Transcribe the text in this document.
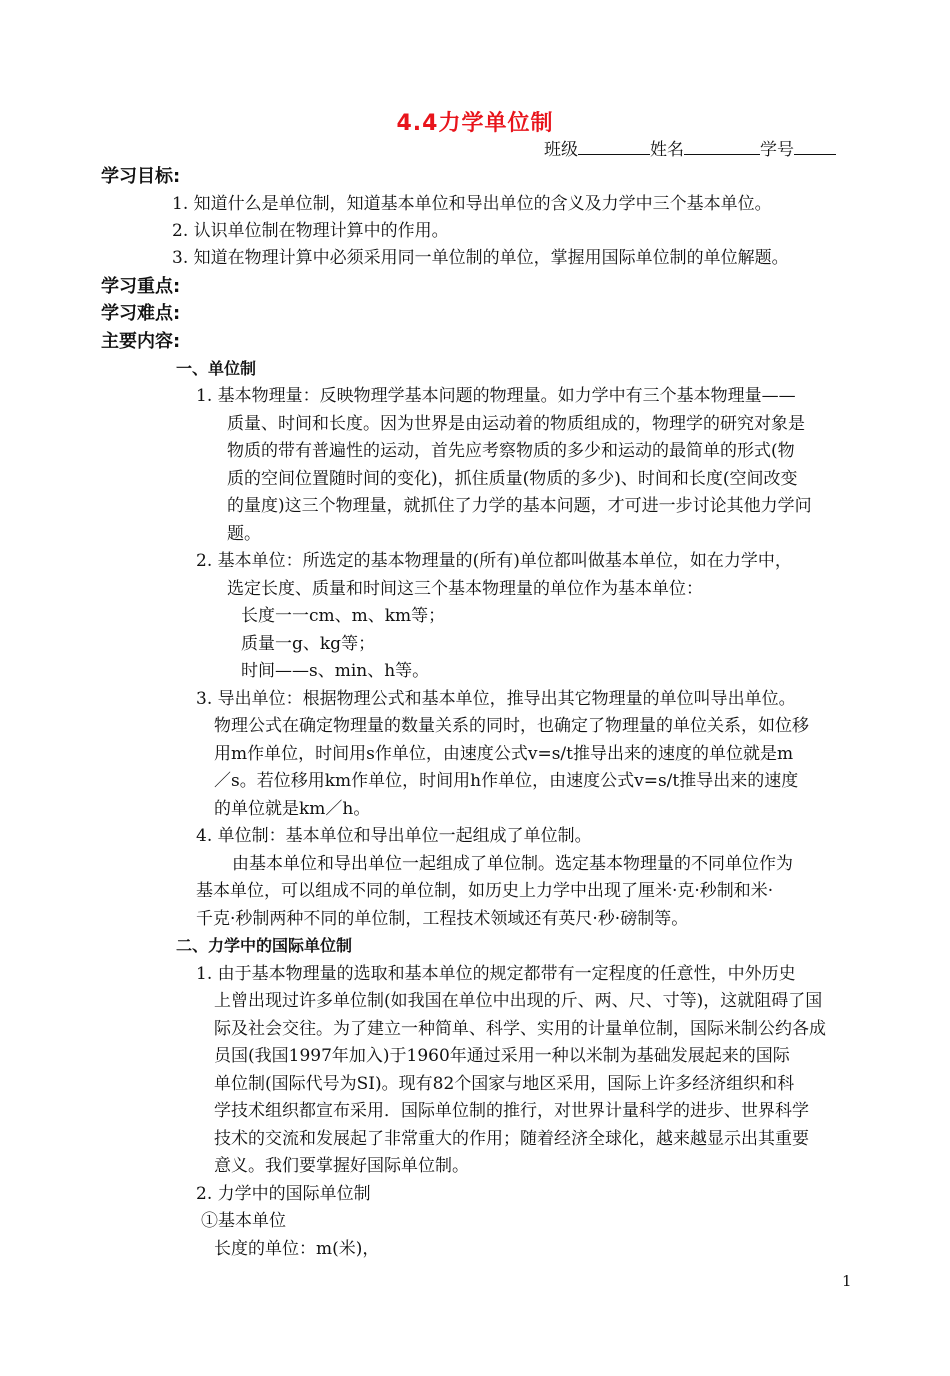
4.4力学单位制
班级	姓名	学号
学习目标:
1. 知道什么是单位制，知道基本单位和导出单位的含义及力学中三个基本单位。
2. 认识单位制在物理计算中的作用。
3. 知道在物理计算中必须采用同一单位制的单位，掌握用国际单位制的单位解题。
学习重点:
学习难点:
主要内容:
一、单位制
1. 基本物理量：反映物理学基本问题的物理量。如力学中有三个基本物理量——
质量、时间和长度。因为世界是由运动着的物质组成的，物理学的研究对象是
物质的带有普遍性的运动，首先应考察物质的多少和运动的最简单的形式(物
质的空间位置随时间的变化)，抓住质量(物质的多少)、时间和长度(空间改变
的量度)这三个物理量，就抓住了力学的基本问题，才可进一步讨论其他力学问
题。
2. 基本单位：所选定的基本物理量的(所有)单位都叫做基本单位，如在力学中，
选定长度、质量和时间这三个基本物理量的单位作为基本单位：
长度一一cm、m、km等；
质量一g、kg等；
时间——s、min、h等。
3. 导出单位：根据物理公式和基本单位，推导出其它物理量的单位叫导出单位。
物理公式在确定物理量的数量关系的同时，也确定了物理量的单位关系，如位移
用m作单位，时间用s作单位，由速度公式v=s/t推导出来的速度的单位就是m
／s。若位移用km作单位，时间用h作单位，由速度公式v=s/t推导出来的速度
的单位就是km／h。
4. 单位制：基本单位和导出单位一起组成了单位制。
由基本单位和导出单位一起组成了单位制。选定基本物理量的不同单位作为
基本单位，可以组成不同的单位制，如历史上力学中出现了厘米·克·秒制和米·
千克·秒制两种不同的单位制，工程技术领域还有英尺·秒·磅制等。
二、力学中的国际单位制
1. 由于基本物理量的选取和基本单位的规定都带有一定程度的任意性，中外历史
上曾出现过许多单位制(如我国在单位中出现的斤、两、尺、寸等)，这就阻碍了国
际及社会交往。为了建立一种简单、科学、实用的计量单位制，国际米制公约各成
员国(我国1997年加入)于1960年通过采用一种以米制为基础发展起来的国际
单位制(国际代号为SI)。现有82个国家与地区采用，国际上许多经济组织和科
学技术组织都宣布采用．国际单位制的推行，对世界计量科学的进步、世界科学
技术的交流和发展起了非常重大的作用；随着经济全球化，越来越显示出其重要
意义。我们要掌握好国际单位制。
2. 力学中的国际单位制
①基本单位
长度的单位：m(米)，
1
